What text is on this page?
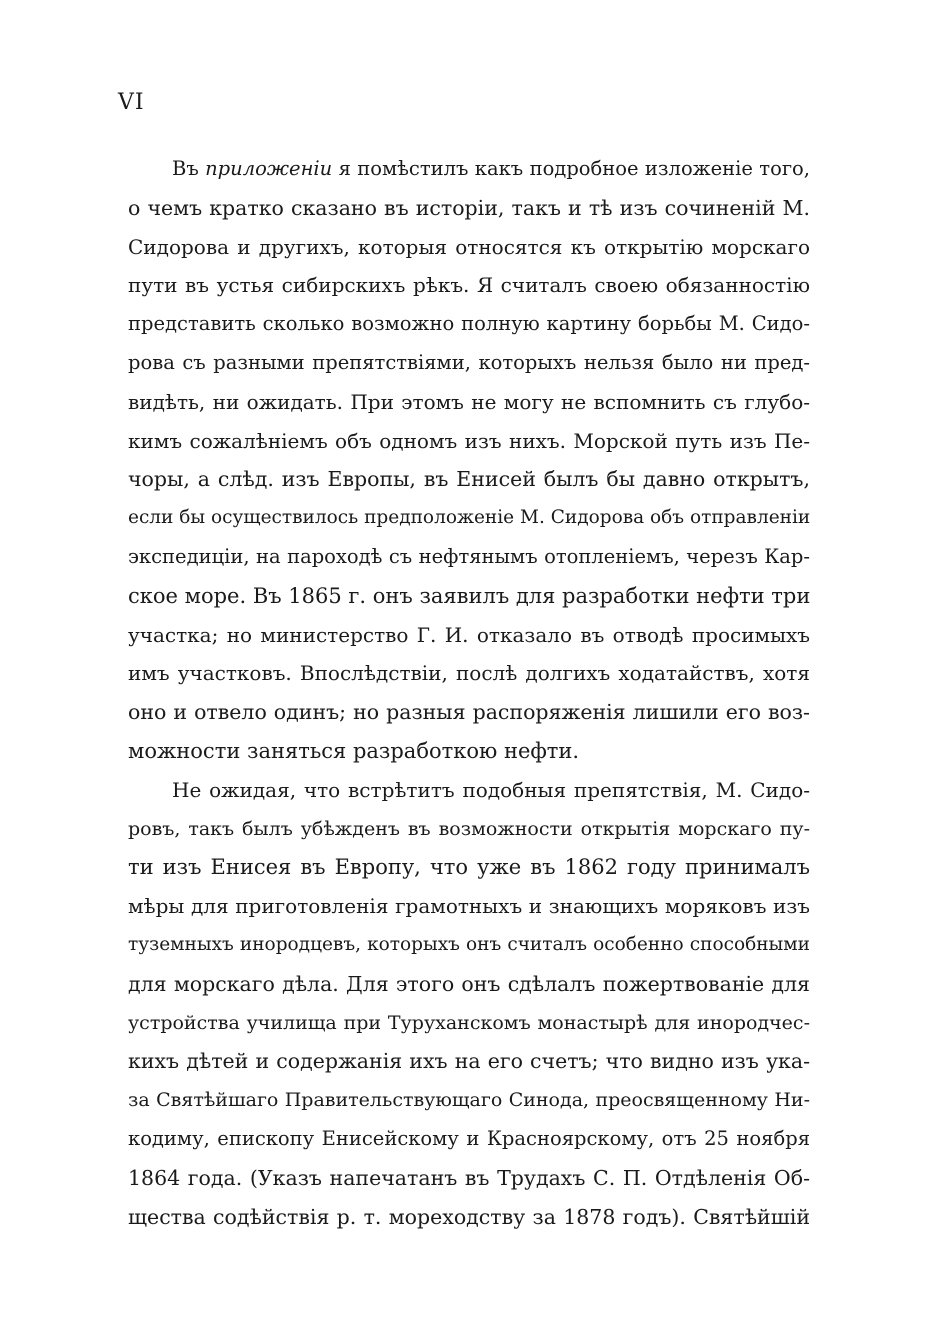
VI
Въ приложеніи я помѣстилъ какъ подробное изложеніе того,
о чемъ кратко сказано въ исторіи, такъ и тѣ изъ сочиненій М.
Сидорова и другихъ, которыя относятся къ открытію морскаго
пути въ устья сибирскихъ рѣкъ. Я считалъ своею обязанностію
представить сколько возможно полную картину борьбы М. Сидо-
рова съ разными препятствіями, которыхъ нельзя было ни пред-
видѣть, ни ожидать. При этомъ не могу не вспомнить съ глубо-
кимъ сожалѣніемъ объ одномъ изъ нихъ. Морской путь изъ Пе-
чоры, а слѣд. изъ Европы, въ Енисей былъ бы давно открытъ,
если бы осуществилось предположеніе М. Сидорова объ отправленіи
экспедиціи, на пароходѣ съ нефтянымъ отопленіемъ, черезъ Кар-
ское море. Въ 1865 г. онъ заявилъ для разработки нефти три
участка; но министерство Г. И. отказало въ отводѣ просимыхъ
имъ участковъ. Впослѣдствіи, послѣ долгихъ ходатайствъ, хотя
оно и отвело одинъ; но разныя распоряженія лишили его воз-
можности заняться разработкою нефти.
Не ожидая, что встрѣтитъ подобныя препятствія, М. Сидо-
ровъ, такъ былъ убѣжденъ въ возможности открытія морскаго пу-
ти изъ Енисея въ Европу, что уже въ 1862 году принималъ
мѣры для приготовленія грамотныхъ и знающихъ моряковъ изъ
туземныхъ инородцевъ, которыхъ онъ считалъ особенно способными
для морскаго дѣла. Для этого онъ сдѣлалъ пожертвованіе для
устройства училища при Туруханскомъ монастырѣ для инородчес-
кихъ дѣтей и содержанія ихъ на его счетъ; что видно изъ ука-
за Святѣйшаго Правительствующаго Синода, преосвященному Ни-
кодиму, епископу Енисейскому и Красноярскому, отъ 25 ноября
1864 года. (Указъ напечатанъ въ Трудахъ С. П. Отдѣленія Об-
щества содѣйствія р. т. мореходству за 1878 годъ). Святѣйшій
